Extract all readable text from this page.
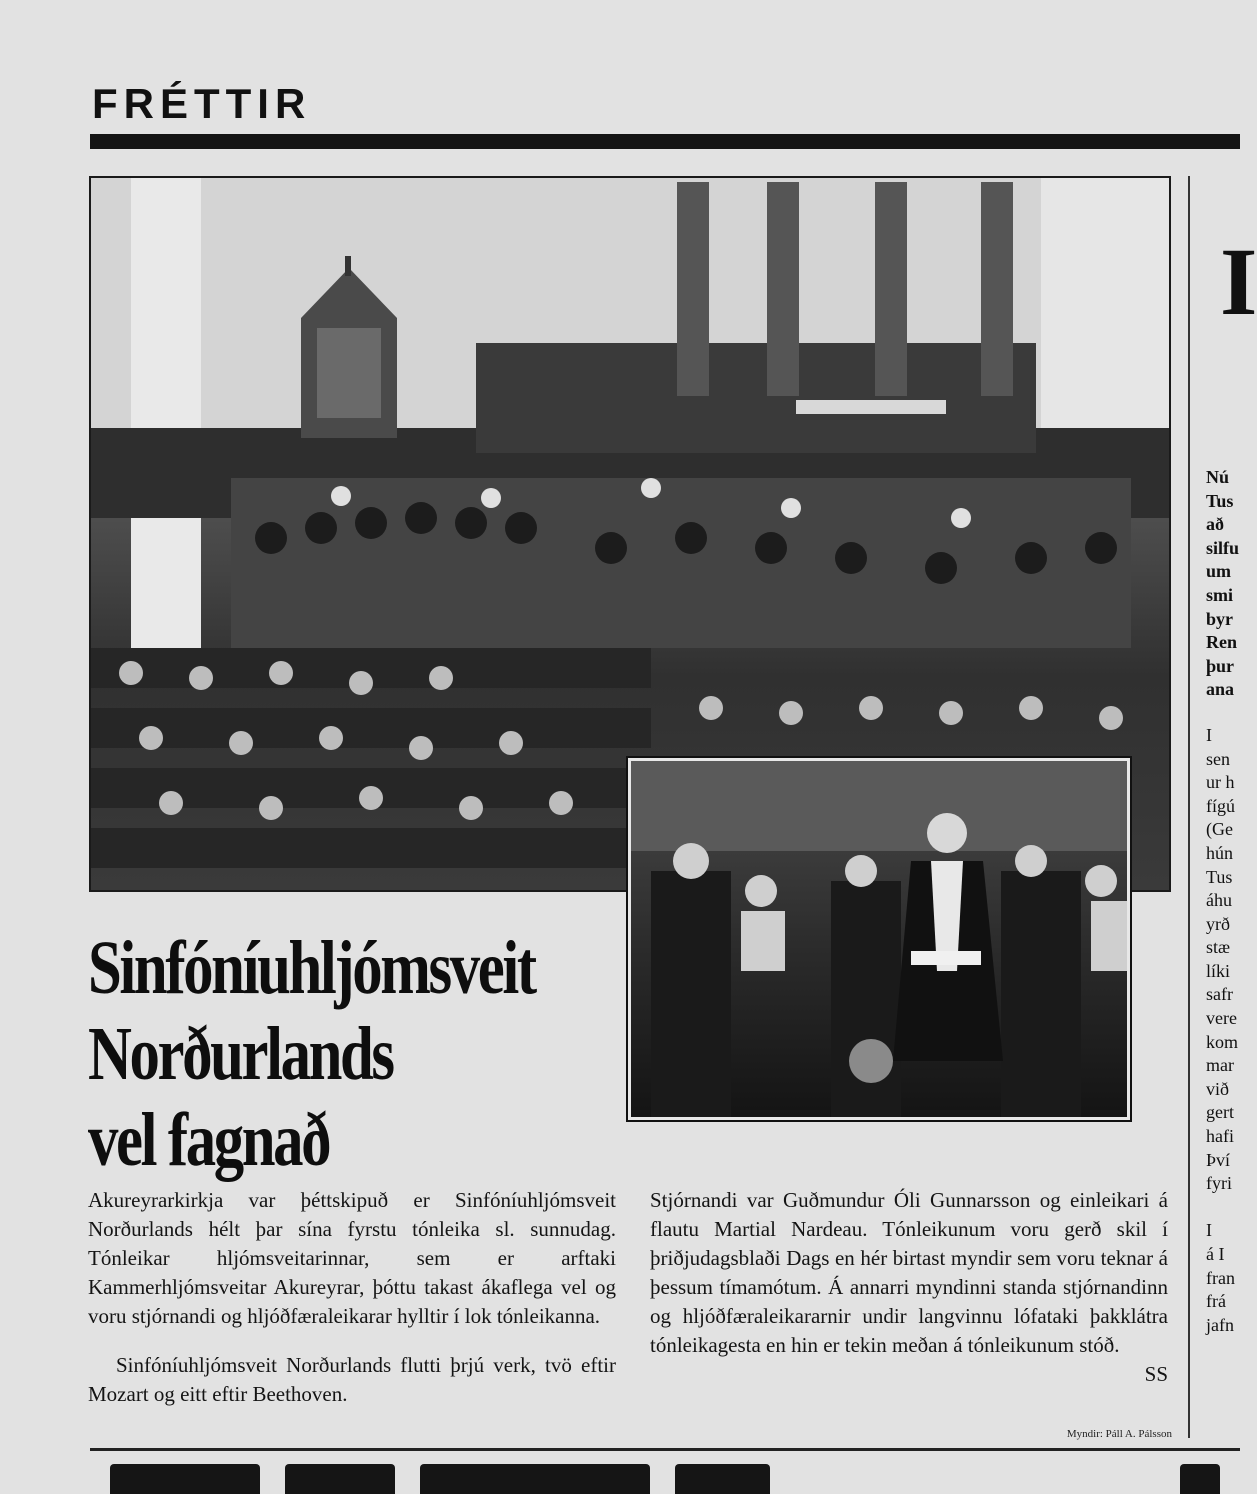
FRÉTTIR
Sinfóníuhljómsveit
Norðurlands
vel fagnað

Akureyrarkirkja var þéttskipuð er Sinfóníuhljómsveit Norðurlands hélt þar sína fyrstu tónleika sl. sunnudag. Tónleikar hljómsveitarinnar, sem er arftaki Kammerhljómsveitar Akureyrar, þóttu takast ákaflega vel og voru stjórnandi og hljóðfæraleikarar hylltir í lok tónleikanna.

Sinfóníuhljómsveit Norðurlands flutti þrjú verk, tvö eftir Mozart og eitt eftir Beethoven.

Stjórnandi var Guðmundur Óli Gunnarsson og einleikari á flautu Martial Nardeau. Tónleikunum voru gerð skil í þriðjudagsblaði Dags en hér birtast myndir sem voru teknar á þessum tímamótum. Á annarri myndinni standa stjórnandinn og hljóðfæraleikararnir undir langvinnu lófataki þakklátra tónleikagesta en hin er tekin meðan á tónleikunum stóð.

SS
Myndir: Páll A. Pálsson
I
Nú
Tus
að
silfu
um
smi
byr
Ren
þur
ana
I
sen
ur h
fígú
(Ge
hún
Tus
áhu
yrð
stæ
líki
safr
vere
kom
mar
við
gert
hafi
Því
fyri

I
á I
fran
frá
jafn
